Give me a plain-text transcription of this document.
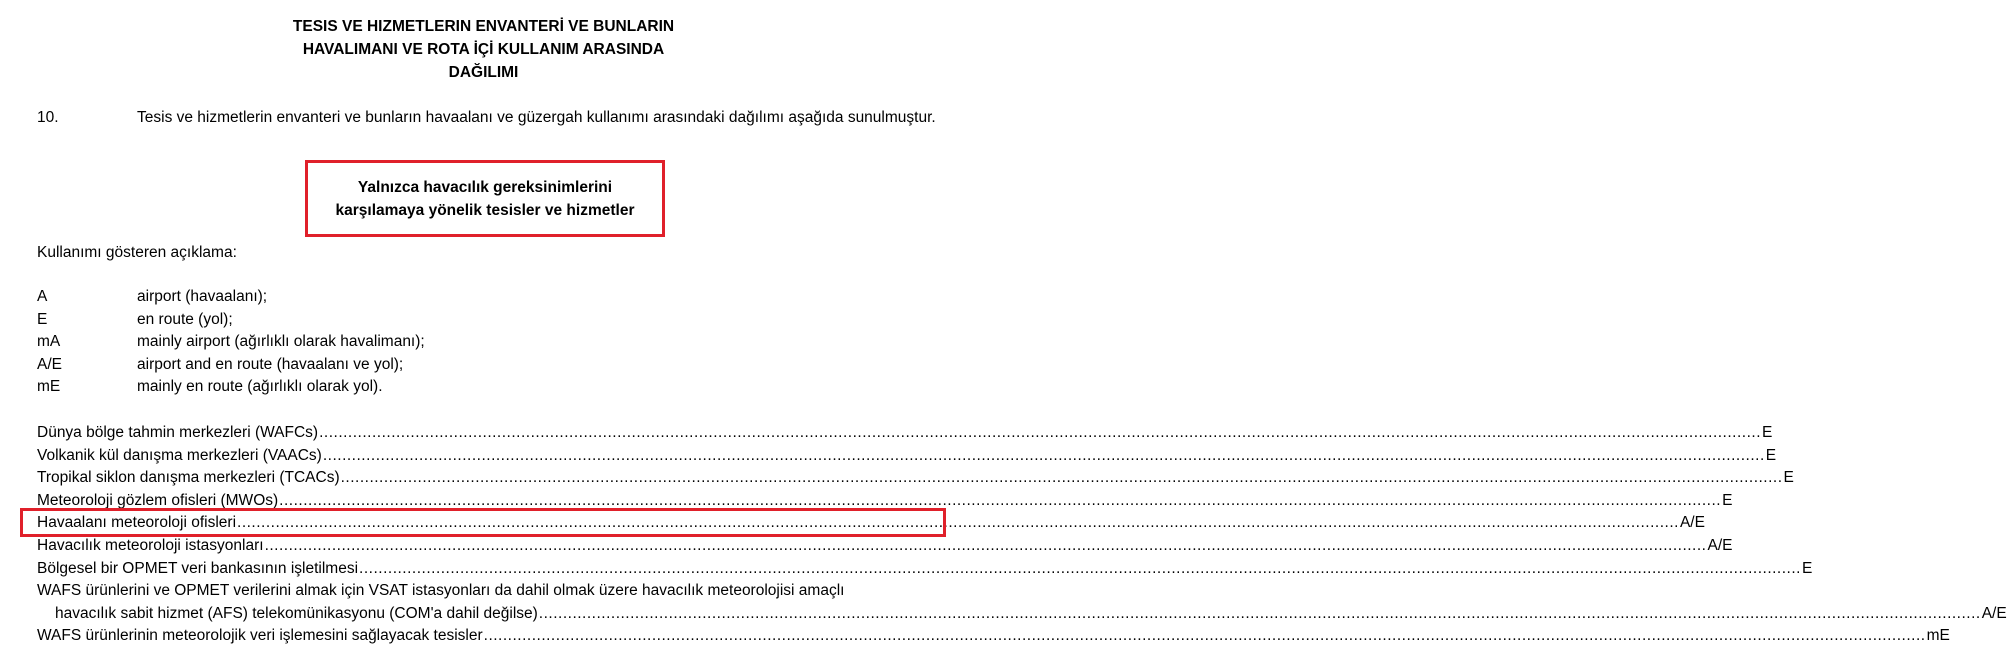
TESIS VE HIZMETLERIN ENVANTERİ VE BUNLARIN
HAVALIMANI VE ROTA İÇİ KULLANIM ARASINDA
DAĞILIMI
10.	Tesis ve hizmetlerin envanteri ve bunların havaalanı ve güzergah kullanımı arasındaki dağılımı aşağıda sunulmuştur.
Yalnızca havacılık gereksinimlerini
karşılamaya yönelik tesisler ve hizmetler
Kullanımı gösteren açıklama:
A	airport (havaalanı);
E	en route (yol);
mA	mainly airport (ağırlıklı olarak havalimanı);
A/E	airport and en route (havaalanı ve yol);
mE	mainly en route (ağırlıklı olarak yol).
Dünya bölge tahmin merkezleri (WAFCs) ............................................................................................................................................................................................................................................................................................................ E
Volkanik kül danışma merkezleri (VAACs) ............................................................................................................................................................................................................................................................................................................ E
Tropikal siklon danışma merkezleri (TCACs) ............................................................................................................................................................................................................................................................................................................ E
Meteoroloji gözlem ofisleri (MWOs) ............................................................................................................................................................................................................................................................................................................ E
Havaalanı meteoroloji ofisleri ............................................................................................................................................................................................................................................................................................................ A/E
Havacılık meteoroloji istasyonları ............................................................................................................................................................................................................................................................................................................ A/E
Bölgesel bir OPMET veri bankasının işletilmesi ............................................................................................................................................................................................................................................................................................................ E
WAFS ürünlerini ve OPMET verilerini almak için VSAT istasyonları da dahil olmak üzere havacılık meteorolojisi amaçlı
havacılık sabit hizmet (AFS) telekomünikasyonu (COM'a dahil değilse) ............................................................................................................................................................................................................................................................................................................ A/E
WAFS ürünlerinin meteorolojik veri işlemesini sağlayacak tesisler ............................................................................................................................................................................................................................................................................................................ mE
